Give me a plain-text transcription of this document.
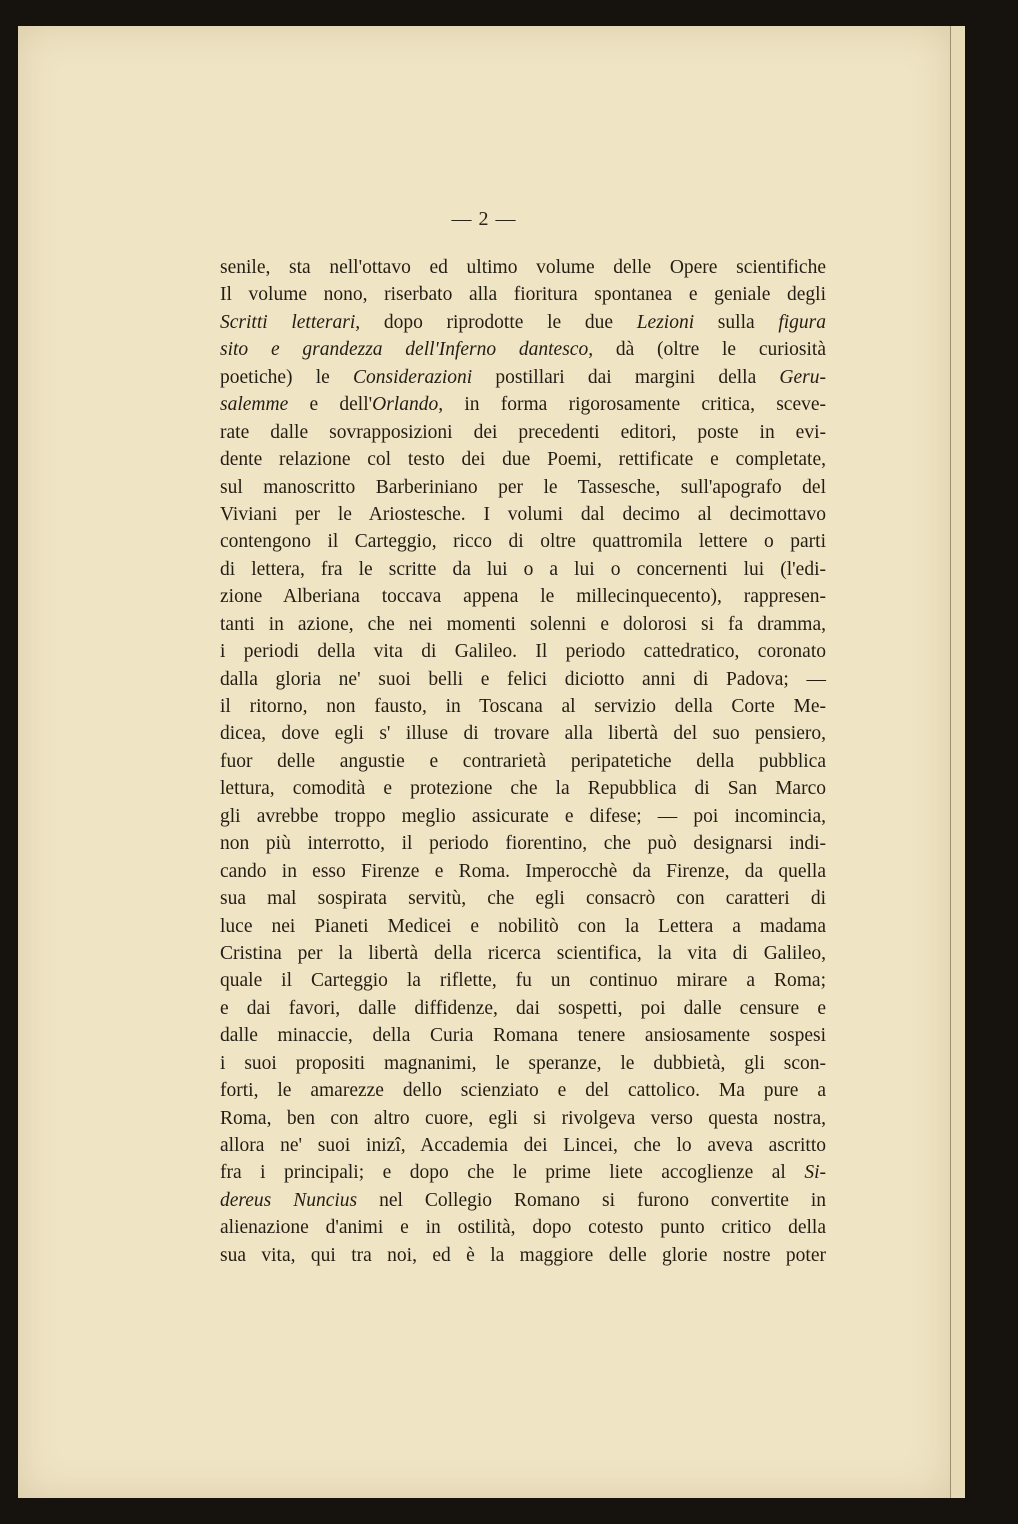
— 2 —
senile, sta nell'ottavo ed ultimo volume delle Opere scientifiche
Il volume nono, riserbato alla fioritura spontanea e geniale degli
Scritti letterari, dopo riprodotte le due Lezioni sulla figura
sito e grandezza dell'Inferno dantesco, dà (oltre le curiosità
poetiche) le Considerazioni postillari dai margini della Geru-
salemme e dell'Orlando, in forma rigorosamente critica, sceve-
rate dalle sovrapposizioni dei precedenti editori, poste in evi-
dente relazione col testo dei due Poemi, rettificate e completate,
sul manoscritto Barberiniano per le Tassesche, sull'apografo del
Viviani per le Ariostesche. I volumi dal decimo al decimottavo
contengono il Carteggio, ricco di oltre quattromila lettere o parti
di lettera, fra le scritte da lui o a lui o concernenti lui (l'edi-
zione Alberiana toccava appena le millecinquecento), rappresen-
tanti in azione, che nei momenti solenni e dolorosi si fa dramma,
i periodi della vita di Galileo. Il periodo cattedratico, coronato
dalla gloria ne' suoi belli e felici diciotto anni di Padova; —
il ritorno, non fausto, in Toscana al servizio della Corte Me-
dicea, dove egli s' illuse di trovare alla libertà del suo pensiero,
fuor delle angustie e contrarietà peripatetiche della pubblica
lettura, comodità e protezione che la Repubblica di San Marco
gli avrebbe troppo meglio assicurate e difese; — poi incomincia,
non più interrotto, il periodo fiorentino, che può designarsi indi-
cando in esso Firenze e Roma. Imperocchè da Firenze, da quella
sua mal sospirata servitù, che egli consacrò con caratteri di
luce nei Pianeti Medicei e nobilitò con la Lettera a madama
Cristina per la libertà della ricerca scientifica, la vita di Galileo,
quale il Carteggio la riflette, fu un continuo mirare a Roma;
e dai favori, dalle diffidenze, dai sospetti, poi dalle censure e
dalle minaccie, della Curia Romana tenere ansiosamente sospesi
i suoi propositi magnanimi, le speranze, le dubbietà, gli scon-
forti, le amarezze dello scienziato e del cattolico. Ma pure a
Roma, ben con altro cuore, egli si rivolgeva verso questa nostra,
allora ne' suoi inizî, Accademia dei Lincei, che lo aveva ascritto
fra i principali; e dopo che le prime liete accoglienze al Si-
dereus Nuncius nel Collegio Romano si furono convertite in
alienazione d'animi e in ostilità, dopo cotesto punto critico della
sua vita, qui tra noi, ed è la maggiore delle glorie nostre poter
